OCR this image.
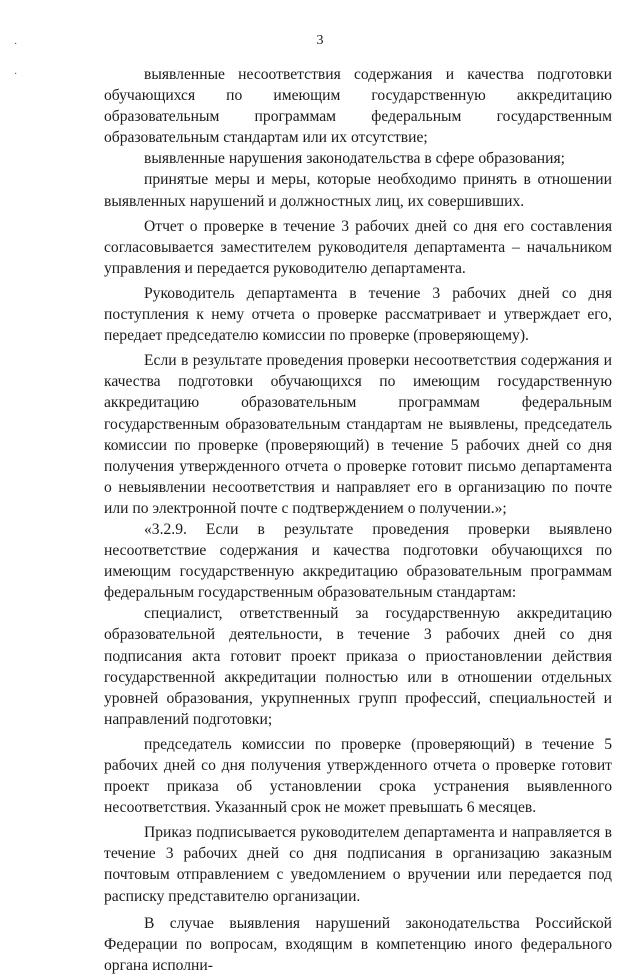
3
·
·	выявленные несоответствия содержания и качества подготовки обучающихся по имеющим государственную аккредитацию образовательным программам федеральным государственным образовательным стандартам или их отсутствие;

выявленные нарушения законодательства в сфере образования;

принятые меры и меры, которые необходимо принять в отношении выявленных нарушений и должностных лиц, их совершивших.

Отчет о проверке в течение 3 рабочих дней со дня его составления согласовывается заместителем руководителя департамента – начальником управления и передается руководителю департамента.

Руководитель департамента в течение 3 рабочих дней со дня поступления к нему отчета о проверке рассматривает и утверждает его, передает председателю комиссии по проверке (проверяющему).

Если в результате проведения проверки несоответствия содержания и качества подготовки обучающихся по имеющим государственную аккредитацию образовательным программам федеральным государственным образовательным стандартам не выявлены, председатель комиссии по проверке (проверяющий) в течение 5 рабочих дней со дня получения утвержденного отчета о проверке готовит письмо департамента о невыявлении несоответствия и направляет его в организацию по почте или по электронной почте с подтверждением о получении.»;

«3.2.9. Если в результате проведения проверки выявлено несоответствие содержания и качества подготовки обучающихся по имеющим государственную аккредитацию образовательным программам федеральным государственным образовательным стандартам:

специалист, ответственный за государственную аккредитацию образовательной деятельности, в течение 3 рабочих дней со дня подписания акта готовит проект приказа о приостановлении действия государственной аккредитации полностью или в отношении отдельных уровней образования, укрупненных групп профессий, специальностей и направлений подготовки;

председатель комиссии по проверке (проверяющий) в течение 5 рабочих дней со дня получения утвержденного отчета о проверке готовит проект приказа об установлении срока устранения выявленного несоответствия. Указанный срок не может превышать 6 месяцев.

Приказ подписывается руководителем департамента и направляется в течение 3 рабочих дней со дня подписания в организацию заказным почтовым отправлением с уведомлением о вручении или передается под расписку представителю организации.

В случае выявления нарушений законодательства Российской Федерации по вопросам, входящим в компетенцию иного федерального органа исполни-
